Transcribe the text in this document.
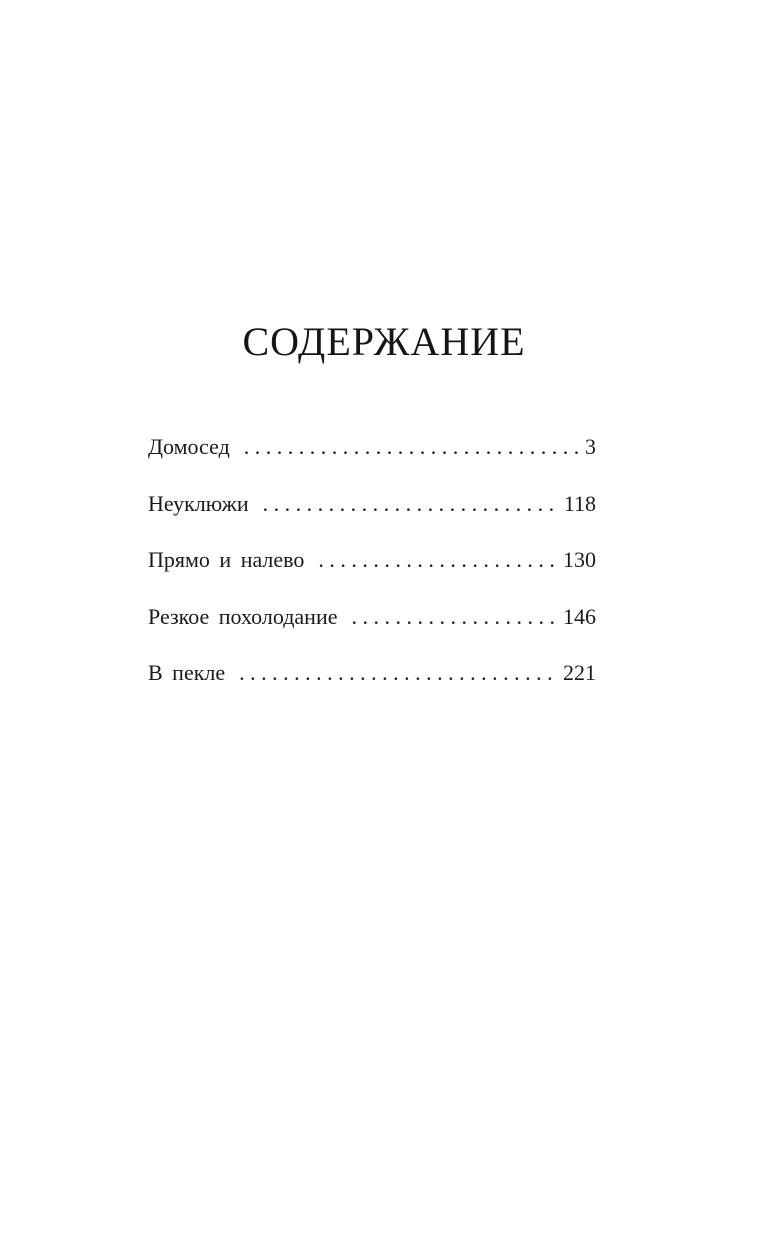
СОДЕРЖАНИЕ
Домосед . . .	3
Неуклюжи . . .	118
Прямо и налево . . .	130
Резкое похолодание . . .	146
В пекле . . .	221
